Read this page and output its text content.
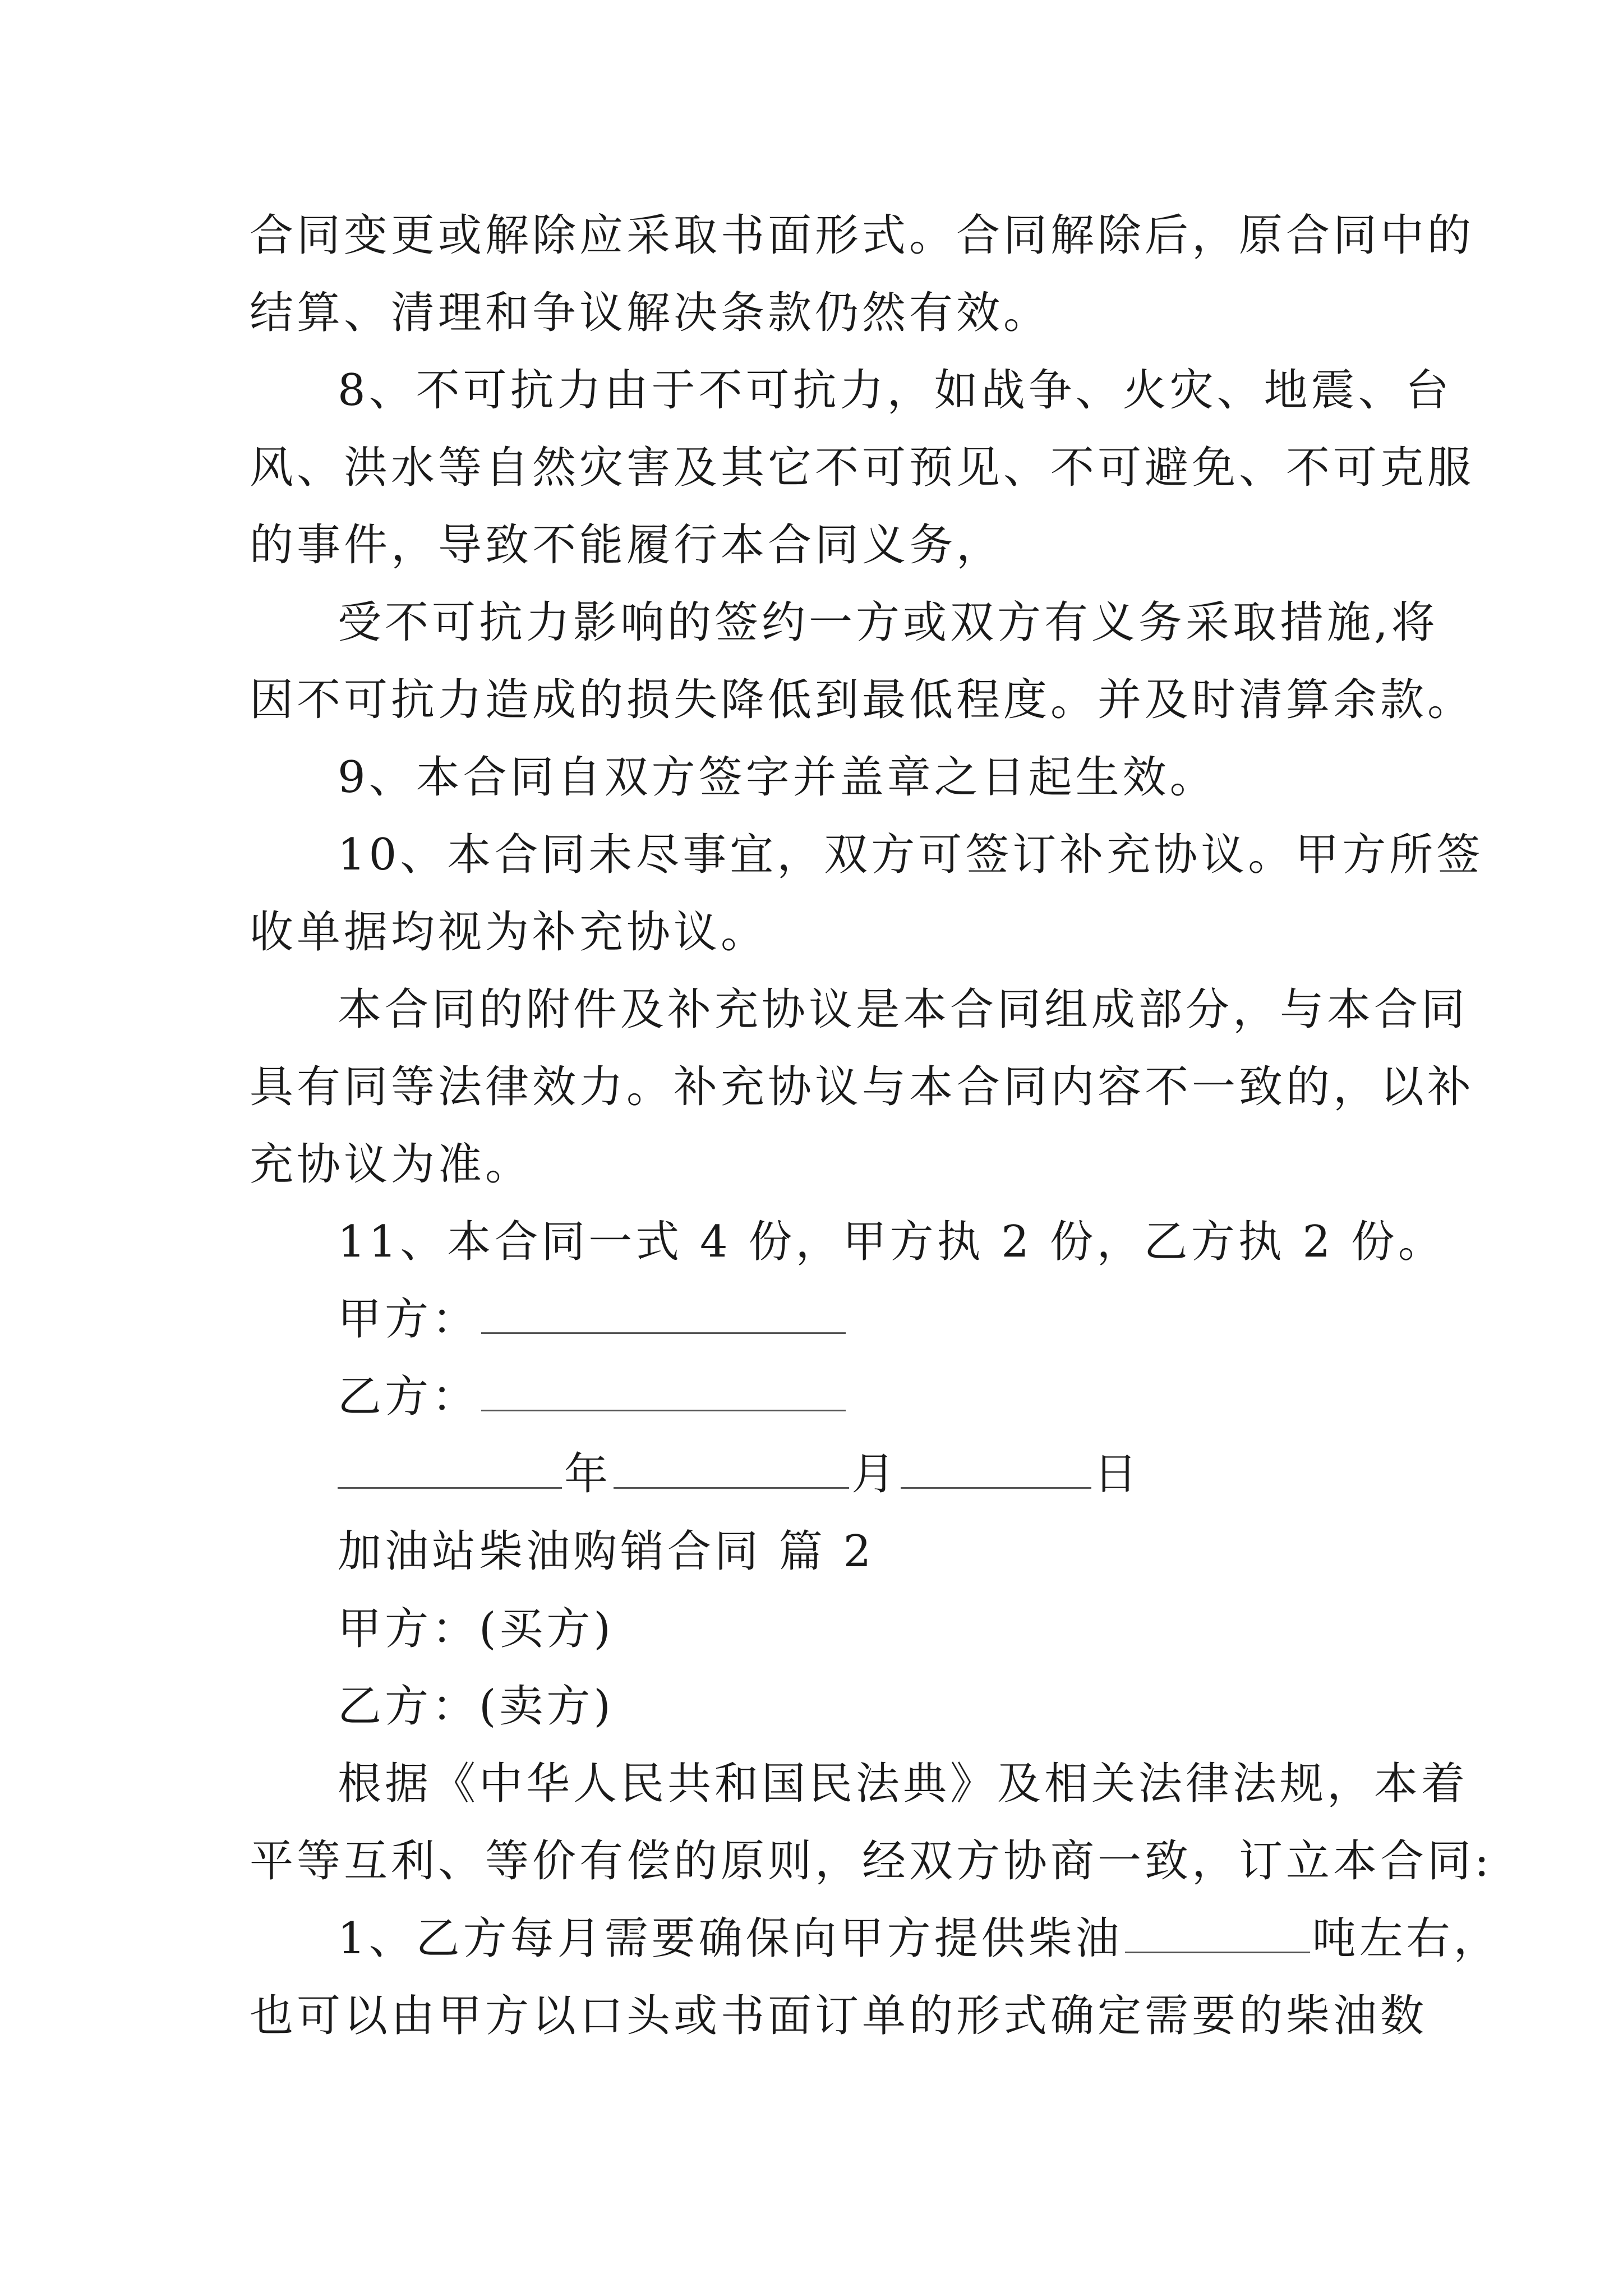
合同变更或解除应采取书面形式。合同解除后，原合同中的
结算、清理和争议解决条款仍然有效。
8、不可抗力由于不可抗力，如战争、火灾、地震、台
风、洪水等自然灾害及其它不可预见、不可避免、不可克服
的事件，导致不能履行本合同义务，
受不可抗力影响的签约一方或双方有义务采取措施,将
因不可抗力造成的损失降低到最低程度。并及时清算余款。
9、本合同自双方签字并盖章之日起生效。
10、本合同未尽事宜，双方可签订补充协议。甲方所签
收单据均视为补充协议。
本合同的附件及补充协议是本合同组成部分，与本合同
具有同等法律效力。补充协议与本合同内容不一致的，以补
充协议为准。
11、本合同一式 4 份，甲方执 2 份，乙方执 2 份。
甲方：
乙方：
年	月	日
加油站柴油购销合同 篇 2
甲方：(买方)
乙方：(卖方)
根据《中华人民共和国民法典》及相关法律法规，本着
平等互利、等价有偿的原则，经双方协商一致，订立本合同:
1、乙方每月需要确保向甲方提供柴油	吨左右，
也可以由甲方以口头或书面订单的形式确定需要的柴油数
